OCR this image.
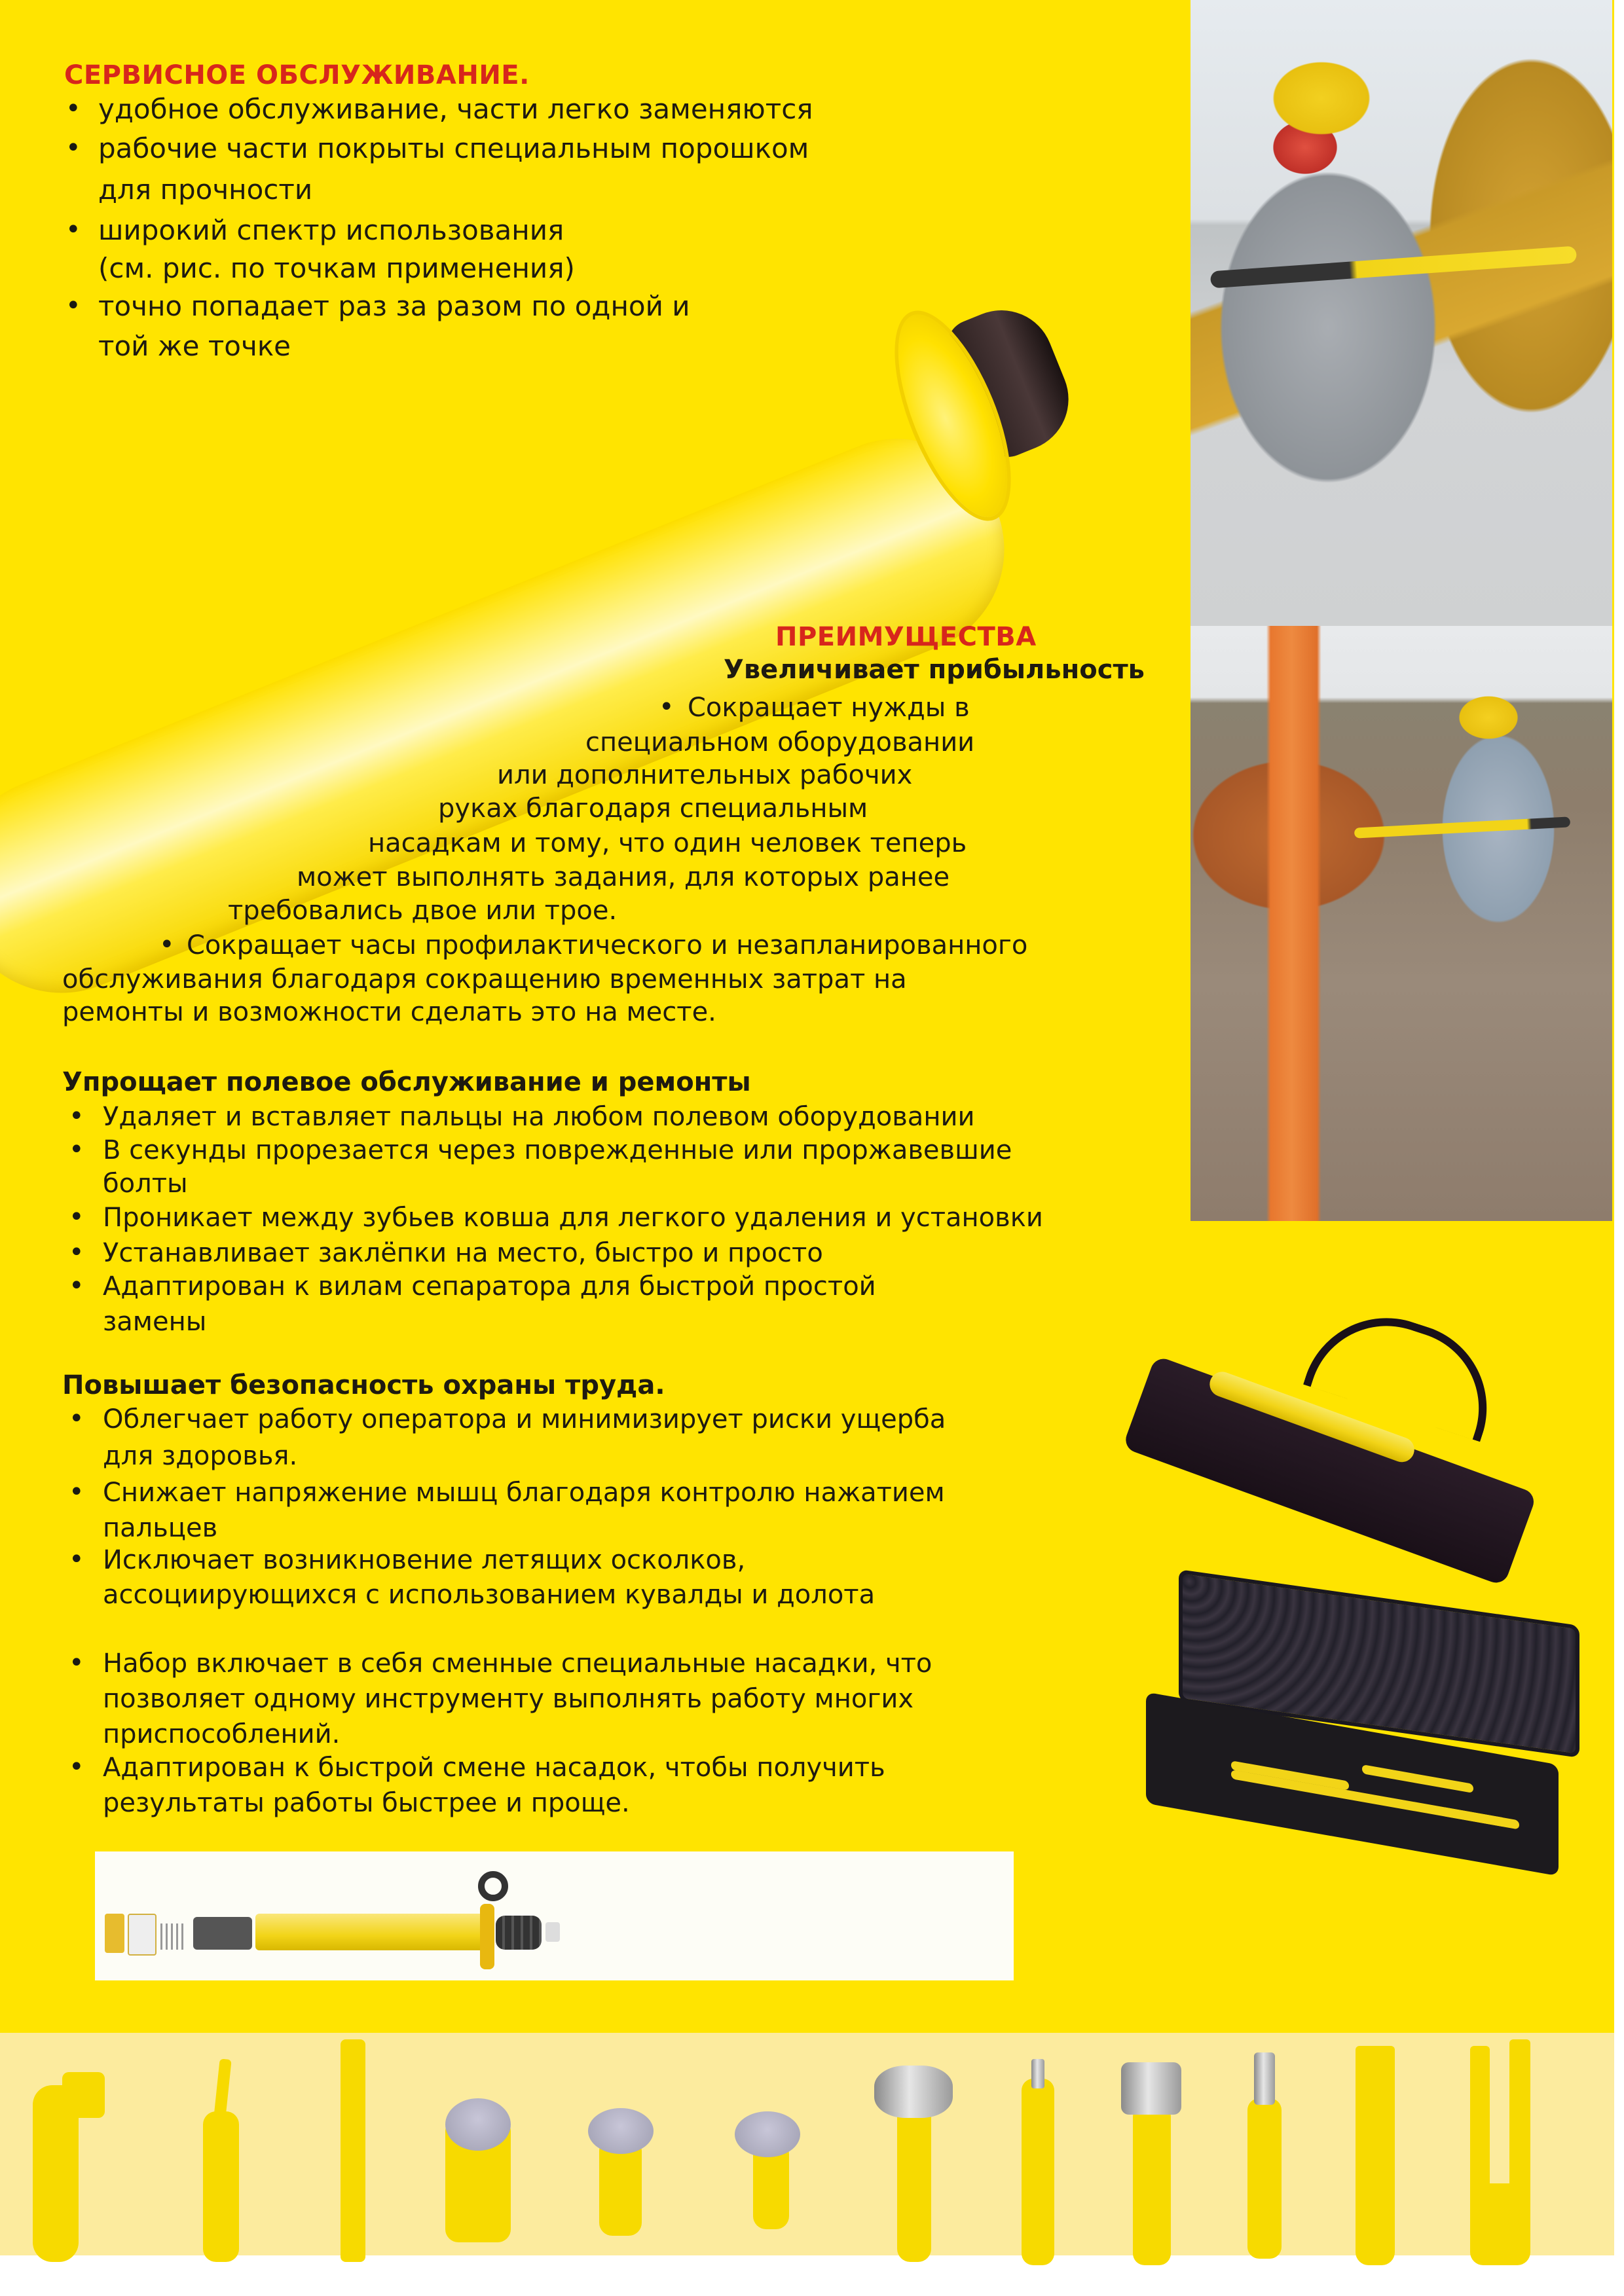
СЕРВИСНОЕ ОБСЛУЖИВАНИЕ.
• удобное обслуживание, части легко заменяются
• рабочие части покрыты специальным порошком
для прочности
• широкий спектр использования
(см. рис. по точкам применения)
• точно попадает раз за разом по одной и
той же точке
ПРЕИМУЩЕСТВА
Увеличивает прибыльность
• Сокращает нужды в
специальном оборудовании
или дополнительных рабочих
руках благодаря специальным
насадкам и тому, что один человек теперь
может выполнять задания, для которых ранее
требовались двое или трое.
• Сокращает часы профилактического и незапланированного
обслуживания благодаря сокращению временных затрат на
ремонты и возможности сделать это на месте.
Упрощает полевое обслуживание и ремонты
• Удаляет и вставляет пальцы на любом полевом оборудовании
• В секунды прорезается через поврежденные или проржавевшие
болты
• Проникает между зубьев ковша для легкого удаления и установки
• Устанавливает заклёпки на место, быстро и просто
• Адаптирован к вилам сепаратора для быстрой простой
замены
Повышает безопасность охраны труда.
• Облегчает работу оператора и минимизирует риски ущерба
для здоровья.
• Снижает напряжение мышц благодаря контролю нажатием
пальцев
• Исключает возникновение летящих осколков,
ассоциирующихся с использованием кувалды и долота
• Набор включает в себя сменные специальные насадки, что
позволяет одному инструменту выполнять работу многих
приспособлений.
• Адаптирован к быстрой смене насадок, чтобы получить
результаты работы быстрее и проще.
